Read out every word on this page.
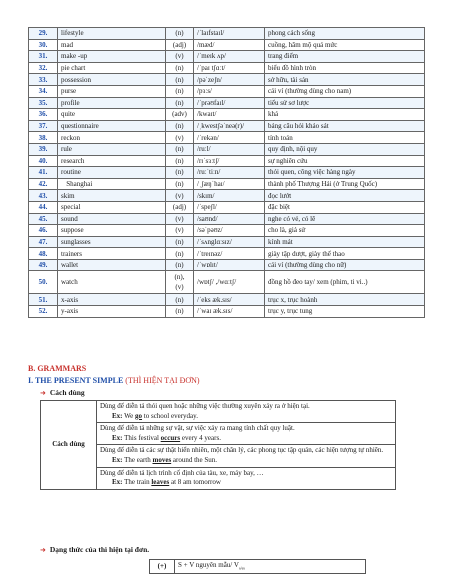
29.	lifestyle	(n)	/ˈlaɪfstaɪl/	phong cách sống
30.	mad	(adj)	/mæd/	cuồng, hâm mộ quá mức
31.	make -up	(v)	/ˈmeɪk ʌp/	trang điểm
32.	pie chart	(n)	/ˈpaɪ tʃɑːt/	biểu đồ hình tròn
33.	possession	(n)	/pəˈzeʃn/	sở hữu, tài sản
34.	purse	(n)	/pɜːs/	cái ví (thường dùng cho nam)
35.	profile	(n)	/ˈprəʊfaɪl/	tiểu sử sơ lược
36.	quite	(adv)	/kwaɪt/	khá
37.	questionnaire	(n)	/ˌkwestʃəˈneə(r)/	bảng câu hỏi khảo sát
38.	reckon	(v)	/ˈrekən/	tính toán
39.	rule	(n)	/ruːl/	quy định, nội quy
40.	research	(n)	/rɪˈsɜːtʃ/	sự nghiên cứu
41.	routine	(n)	/ruːˈtiːn/	thói quen, công việc hàng ngày
42.	Shanghai	(n)	/ˌʃæŋˈhaɪ/	thành phố Thượng Hải (ở Trung Quốc)
43.	skim	(v)	/skɪm/	đọc lướt
44.	special	(adj)	/ˈspeʃl/	đặc biệt
45.	sound	(v)	/saʊnd/	nghe có vẻ, có lẽ
46.	suppose	(v)	/səˈpəʊz/	cho là, giả sử
47.	sunglasses	(n)	/ˈsʌnglɑːsɪz/	kính mát
48.	trainers	(n)	/ˈtreɪnəz/	giày tập dượt, giày thể thao
49.	wallet	(n)	/ˈwɒlɪt/	cái ví (thường dùng cho nữ)
50.	watch	(n),
(v)	/wɒtʃ/ ,/wɑːtʃ/	đồng hồ đeo tay/ xem (phim, ti vi..)
51.	x-axis	(n)	/ˈeks æk.sɪs/	trục x, trục hoành
52.	y-axis	(n)	/ˈwaɪ æk.sɪs/	trục y, trục tung
B. GRAMMARS
I. THE PRESENT SIMPLE (THÌ HIỆN TẠI ĐƠN)
➜ Cách dùng
Cách dùng	Dùng để diễn tả thói quen hoặc những việc thường xuyên xảy ra ở hiện tại.
Ex: We go to school everyday.

Dùng để diễn tả những sự vật, sự việc xảy ra mang tính chất quy luật.
Ex: This festival occurs every 4 years.

Dùng để diễn tả các sự thật hiển nhiên, một chân lý, các phong tục tập quán, các hiện tượng tự nhiên.
Ex: The earth moves around the Sun.

Dùng để diễn tả lịch trình cố định của tàu, xe, máy bay, …
Ex: The train leaves at 8 am tomorrow
➜ Dạng thức của thì hiện tại đơn.
(+)	S + V nguyên mẫu/ $V_{s/es}$
